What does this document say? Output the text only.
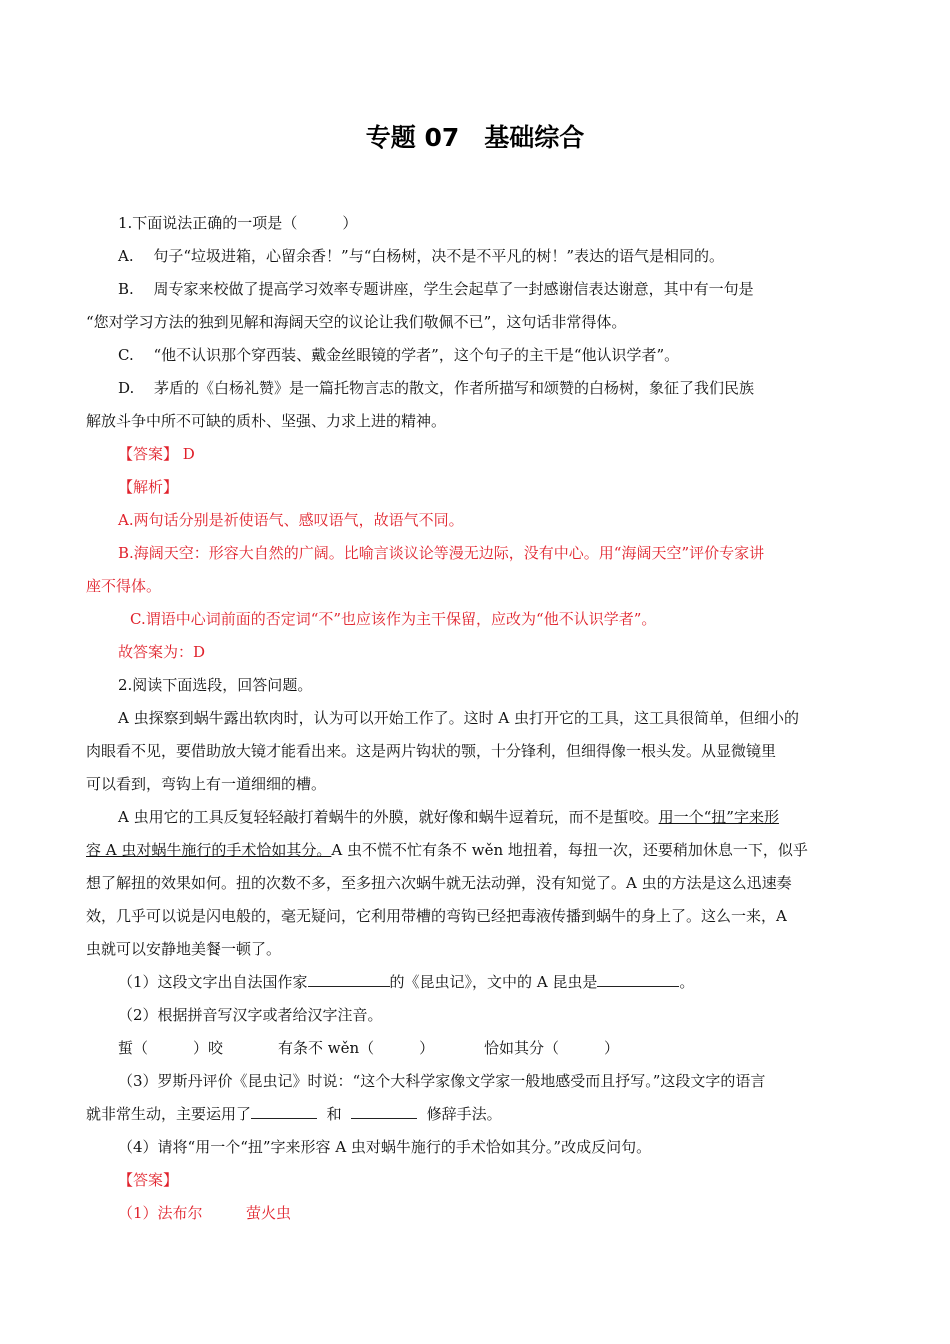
专题 07　基础综合
1.下面说法正确的一项是（　　　）
A.　 句子“垃圾进箱，心留余香！”与“白杨树，决不是不平凡的树！”表达的语气是相同的。
B.　 周专家来校做了提高学习效率专题讲座，学生会起草了一封感谢信表达谢意，其中有一句是
“您对学习方法的独到见解和海阔天空的议论让我们敬佩不已”，这句话非常得体。
C.　 “他不认识那个穿西装、戴金丝眼镜的学者”，这个句子的主干是“他认识学者”。
D.　 茅盾的《白杨礼赞》是一篇托物言志的散文，作者所描写和颂赞的白杨树，象征了我们民族
解放斗争中所不可缺的质朴、坚强、力求上进的精神。
【答案】 D
【解析】
A.两句话分别是祈使语气、感叹语气，故语气不同。
B.海阔天空：形容大自然的广阔。比喻言谈议论等漫无边际，没有中心。用“海阔天空”评价专家讲
座不得体。
C.谓语中心词前面的否定词“不”也应该作为主干保留，应改为“他不认识学者”。
故答案为：D
2.阅读下面选段，回答问题。
A 虫探察到蜗牛露出软肉时，认为可以开始工作了。这时 A 虫打开它的工具，这工具很简单，但细小的
肉眼看不见，要借助放大镜才能看出来。这是两片钩状的颚，十分锋利，但细得像一根头发。从显微镜里
可以看到，弯钩上有一道细细的槽。
A 虫用它的工具反复轻轻敲打着蜗牛的外膜，就好像和蜗牛逗着玩，而不是蜇咬。用一个“扭”字来形
容 A 虫对蜗牛施行的手术恰如其分。A 虫不慌不忙有条不 wěn 地扭着，每扭一次，还要稍加休息一下，似乎
想了解扭的效果如何。扭的次数不多，至多扭六次蜗牛就无法动弹，没有知觉了。A 虫的方法是这么迅速奏
效，几乎可以说是闪电般的，毫无疑问，它利用带槽的弯钩已经把毒液传播到蜗牛的身上了。这么一来，A
虫就可以安静地美餐一顿了。
（1）这段文字出自法国作家	的《昆虫记》，文中的 A 昆虫是	。
（2）根据拼音写汉字或者给汉字注音。
蜇（　　　）咬	有条不 wěn（　　　）	恰如其分（　　　）
（3）罗斯丹评价《昆虫记》时说：“这个大科学家像文学家一般地感受而且抒写。”这段文字的语言
就非常生动，主要运用了	和	修辞手法。
（4）请将“用一个“扭”字来形容 A 虫对蜗牛施行的手术恰如其分。”改成反问句。
【答案】
（1）法布尔	萤火虫
